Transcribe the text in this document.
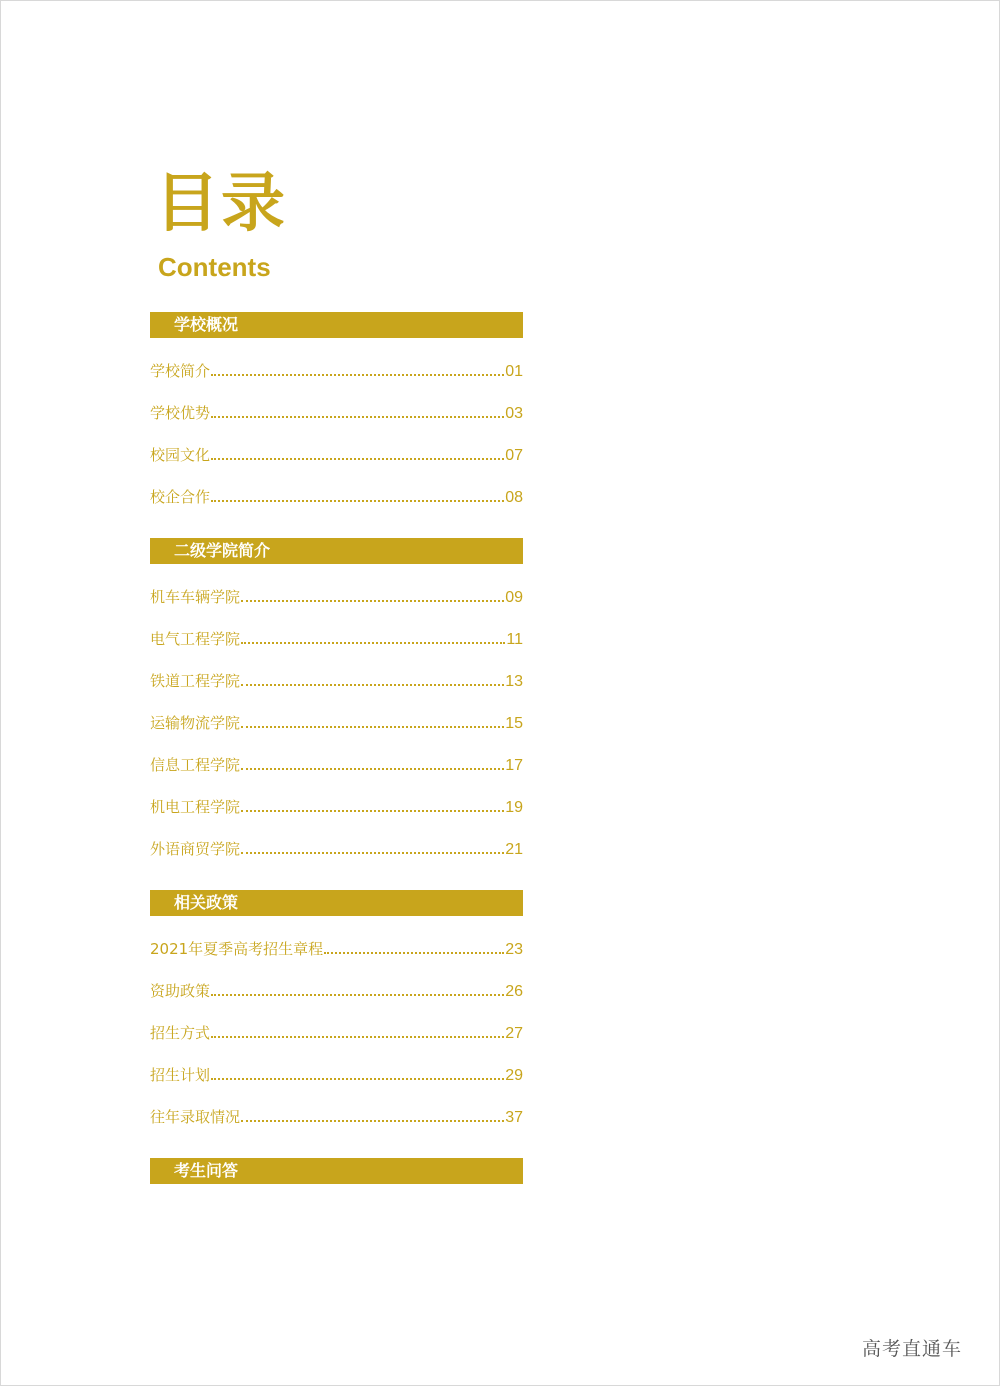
目录
Contents
学校概况
学校简介	01
学校优势	03
校园文化	07
校企合作	08
二级学院简介
机车车辆学院	09
电气工程学院	11
铁道工程学院	13
运输物流学院	15
信息工程学院	17
机电工程学院	19
外语商贸学院	21
相关政策
2021年夏季高考招生章程	23
资助政策	26
招生方式	27
招生计划	29
往年录取情况	37
考生问答
高考直通车
